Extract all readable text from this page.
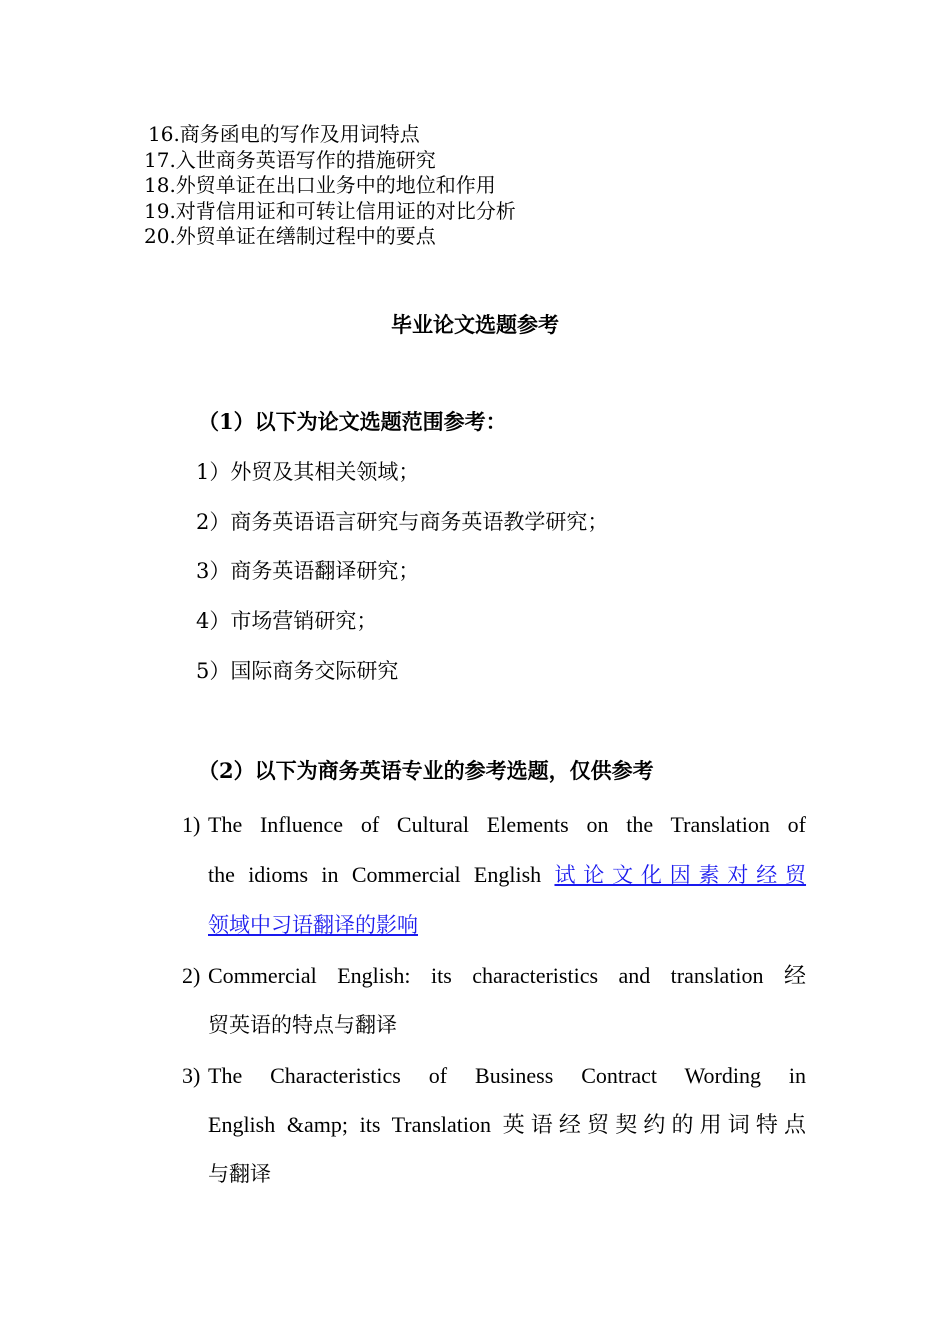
16.商务函电的写作及用词特点
17.入世商务英语写作的措施研究
18.外贸单证在出口业务中的地位和作用
19.对背信用证和可转让信用证的对比分析
20.外贸单证在缮制过程中的要点
毕业论文选题参考
（1）以下为论文选题范围参考：
1）外贸及其相关领域；
2）商务英语语言研究与商务英语教学研究；
3）商务英语翻译研究；
4）市场营销研究；
5）国际商务交际研究
（2）以下为商务英语专业的参考选题，仅供参考
1) The Influence of Cultural Elements on the Translation of
the idioms in Commercial English 试论文化因素对经贸
领域中习语翻译的影响
2) Commercial English: its characteristics and translation 经
贸英语的特点与翻译
3) The Characteristics of Business Contract Wording in
English &amp; its Translation 英语经贸契约的用词特点
与翻译
